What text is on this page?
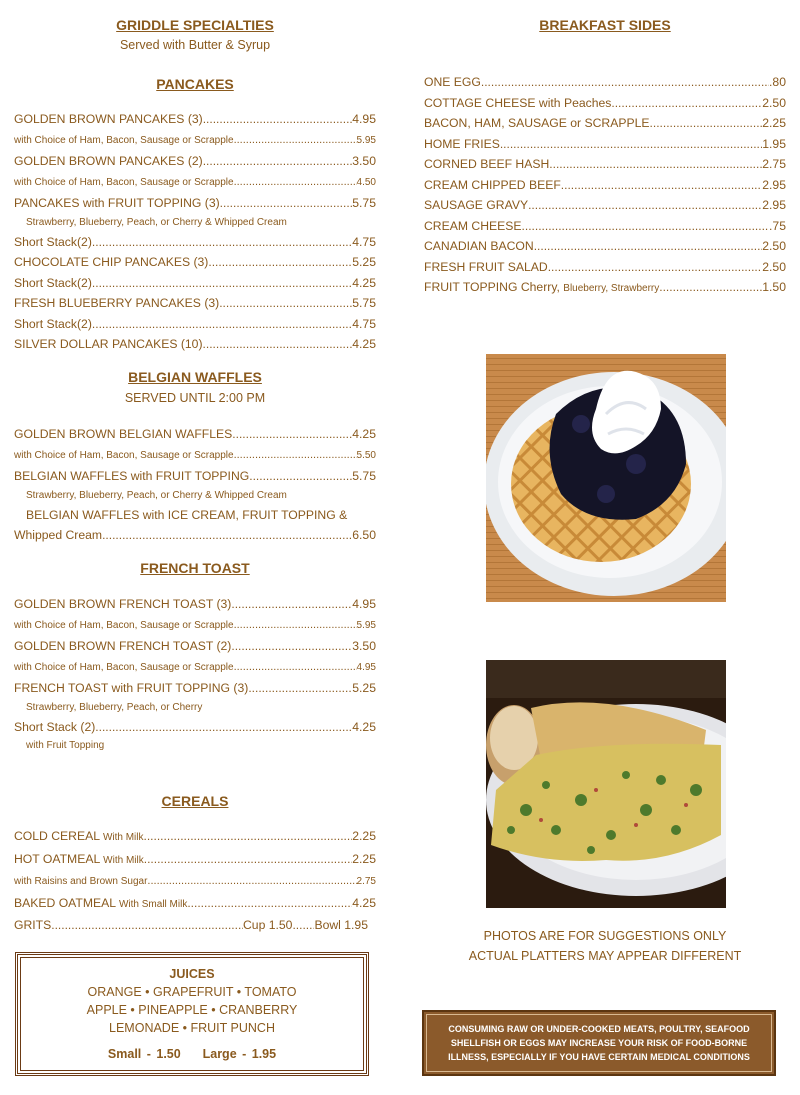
GRIDDLE SPECIALTIES

Served with Butter & Syrup

PANCAKES

GOLDEN BROWN PANCAKES (3) .....	4.95
with Choice of Ham, Bacon, Sausage or Scrapple .....	5.95
GOLDEN BROWN PANCAKES (2) .....	3.50
with Choice of Ham, Bacon, Sausage or Scrapple .....	4.50
PANCAKES with FRUIT TOPPING (3) .....	5.75
Strawberry, Blueberry, Peach, or Cherry & Whipped Cream
Short Stack(2) .....	4.75
CHOCOLATE CHIP PANCAKES (3) .....	5.25
Short Stack(2) .....	4.25
FRESH BLUEBERRY PANCAKES (3) .....	5.75
Short Stack(2) .....	4.75
SILVER DOLLAR PANCAKES (10) .....	4.25

BELGIAN WAFFLES

SERVED UNTIL 2:00 PM

GOLDEN BROWN BELGIAN WAFFLES .....	4.25
with Choice of Ham, Bacon, Sausage or Scrapple .....	5.50
BELGIAN WAFFLES with FRUIT TOPPING .....	5.75
Strawberry, Blueberry, Peach, or Cherry & Whipped Cream
BELGIAN WAFFLES with ICE CREAM, FRUIT TOPPING &
Whipped Cream .....	6.50

FRENCH TOAST

GOLDEN BROWN FRENCH TOAST (3) .....	4.95
with Choice of Ham, Bacon, Sausage or Scrapple .....	5.95
GOLDEN BROWN FRENCH TOAST (2) .....	3.50
with Choice of Ham, Bacon, Sausage or Scrapple .....	4.95
FRENCH TOAST with FRUIT TOPPING (3) .....	5.25
Strawberry, Blueberry, Peach, or Cherry
Short Stack (2) .....	4.25
with Fruit Topping

CEREALS

COLD CEREAL With Milk .....	2.25
HOT OATMEAL With Milk .....	2.25
with Raisins and Brown Sugar .....	2.75
BAKED OATMEAL With Small Milk .....	4.25
GRITS .....	Cup 1.50 ..... Bowl 1.95
JUICES
ORANGE • GRAPEFRUIT • TOMATO
APPLE • PINEAPPLE • CRANBERRY
LEMONADE • FRUIT PUNCH
Small - 1.50    Large - 1.95

BREAKFAST SIDES

ONE EGG .....	.80
COTTAGE CHEESE with Peaches .....	2.50
BACON, HAM, SAUSAGE or SCRAPPLE .....	2.25
HOME FRIES .....	1.95
CORNED BEEF HASH .....	2.75
CREAM CHIPPED BEEF .....	2.95
SAUSAGE GRAVY .....	2.95
CREAM CHEESE .....	.75
CANADIAN BACON .....	2.50
FRESH FRUIT SALAD .....	2.50
FRUIT TOPPING Cherry, Blueberry, Strawberry .....	1.50
PHOTOS ARE FOR SUGGESTIONS ONLY
ACTUAL PLATTERS MAY APPEAR DIFFERENT
CONSUMING RAW OR UNDER-COOKED MEATS, POULTRY, SEAFOOD
SHELLFISH OR EGGS MAY INCREASE YOUR RISK OF FOOD-BORNE
ILLNESS, ESPECIALLY IF YOU HAVE CERTAIN MEDICAL CONDITIONS
